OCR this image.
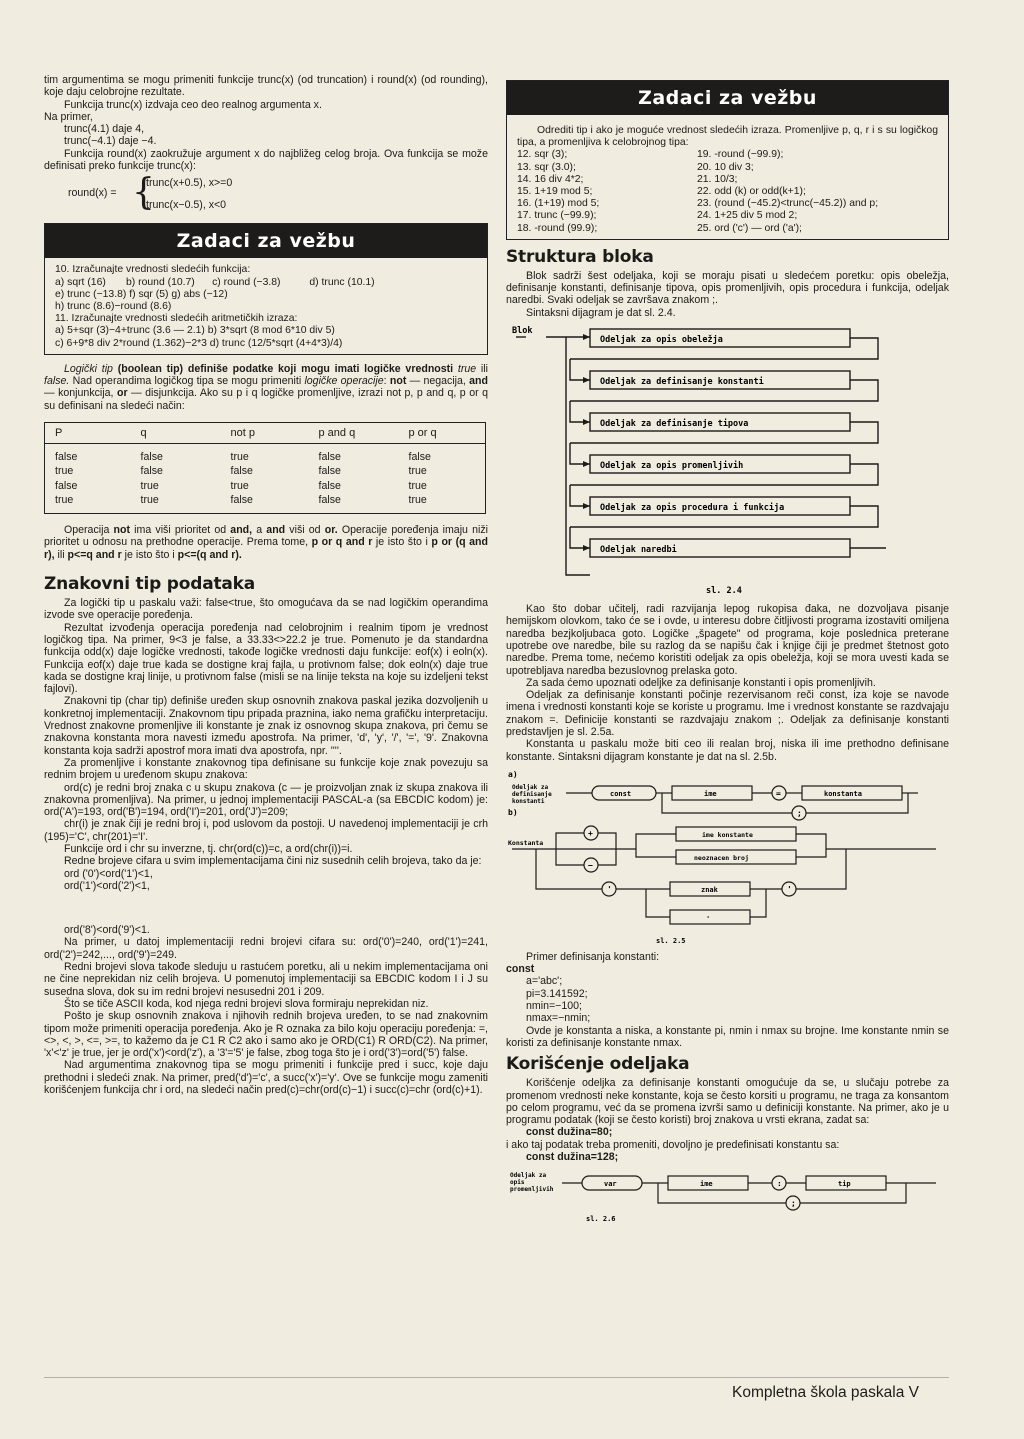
tim argumentima se mogu primeniti funkcije trunc(x) (od truncation) i round(x) (od rounding), koje daju celobrojne rezultate.

Funkcija trunc(x) izdvaja ceo deo realnog argumenta x.

Na primer,

trunc(4.1) daje 4,

trunc(−4.1) daje −4.

Funkcija round(x) zaokružuje argument x do najbližeg celog broja. Ova funkcija se može definisati preko funkcije trunc(x):

round(x) = {
trunc(x+0.5), x>=0
trunc(x−0.5), x<0
Zadaci za vežbu
10. Izračunajte vrednosti sledećih funkcija:
a) sqrt (16)       b) round (10.7)      c) round (−3.8)          d) trunc (10.1)
e) trunc (−13.8) f) sqr (5) g) abs (−12)
h) trunc (8.6)−round (8.6)
11. Izračunajte vrednosti sledećih aritmetičkih izraza:
a) 5+sqr (3)−4+trunc (3.6 — 2.1) b) 3*sqrt (8 mod 6*10 div 5)
c) 6+9*8 div 2*round (1.362)−2*3 d) trunc (12/5*sqrt (4+4*3)/4)

Logički tip (boolean tip) definiše podatke koji mogu imati logičke vrednosti true ili false. Nad operandima logičkog tipa se mogu primeniti logičke operacije: not — negacija, and — konjunkcija, or — disjunkcija. Ako su p i q logičke promenljive, izrazi not p, p and q, p or q su definisani na sledeći način:

P	q	not p	p and q	p or q
false	false	true	false	false
true	false	false	false	true
false	true	true	false	true
true	true	false	false	true

Operacija not ima viši prioritet od and, a and viši od or. Operacije poređenja imaju niži prioritet u odnosu na prethodne operacije. Prema tome, p or q and r je isto što i p or (q and r), ili p<=q and r je isto što i p<=(q and r).

Znakovni tip podataka

Za logički tip u paskalu važi: false<true, što omogućava da se nad logičkim operandima izvode sve operacije poređenja.

Rezultat izvođenja operacija poređenja nad celobrojnim i realnim tipom je vrednost logičkog tipa. Na primer, 9<3 je false, a 33.33<>22.2 je true. Pomenuto je da standardna funkcija odd(x) daje logičke vrednosti, takođe logičke vrednosti daju funkcije: eof(x) i eoln(x). Funkcija eof(x) daje true kada se dostigne kraj fajla, u protivnom false; dok eoln(x) daje true kada se dostigne kraj linije, u protivnom false (misli se na linije teksta na koje su izdeljeni tekst fajlovi).

Znakovni tip (char tip) definiše uređen skup osnovnih znakova paskal jezika dozvoljenih u konkretnoj implementaciji. Znakovnom tipu pripada praznina, iako nema grafičku interpretaciju. Vrednost znakovne promenljive ili konstante je znak iz osnovnog skupa znakova, pri čemu se znakovna konstanta mora navesti između apostrofa. Na primer, 'd', 'y', '/', '=', '9'. Znakovna konstanta koja sadrži apostrof mora imati dva apostrofa, npr. ''''.

Za promenljive i konstante znakovnog tipa definisane su funkcije koje znak povezuju sa rednim brojem u uređenom skupu znakova:

ord(c) je redni broj znaka c u skupu znakova (c — je proizvoljan znak iz skupa znakova ili znakovna promenljiva). Na primer, u jednoj implementaciji PASCAL-a (sa EBCDIC kodom) je: ord('A')=193, ord('B')=194, ord('I')=201, ord('J')=209;

chr(i) je znak čiji je redni broj i, pod uslovom da postoji. U navedenoj implementaciji je crh (195)='C', chr(201)='I'.

Funkcije ord i chr su inverzne, tj. chr(ord(c))=c, a ord(chr(i))=i.

Redne brojeve cifara u svim implementacijama čini niz susednih celih brojeva, tako da je:

ord ('0')<ord('1')<1,

ord('1')<ord('2')<1,

ord('8')<ord('9')<1.

Na primer, u datoj implementaciji redni brojevi cifara su: ord('0')=240, ord('1')=241, ord('2')=242,..., ord('9')=249.

Redni brojevi slova takođe sleduju u rastućem poretku, ali u nekim implementacijama oni ne čine neprekidan niz celih brojeva. U pomenutoj implementaciji sa EBCDIC kodom I i J su susedna slova, dok su im redni brojevi nesusedni 201 i 209.

Što se tiče ASCII koda, kod njega redni brojevi slova formiraju neprekidan niz.

Pošto je skup osnovnih znakova i njihovih rednih brojeva uređen, to se nad znakovnim tipom može primeniti operacija poređenja. Ako je R oznaka za bilo koju operaciju poređenja: =, <>, <, >, <=, >=, to kažemo da je C1 R C2 ako i samo ako je ORD(C1) R ORD(C2). Na primer, 'x'<'z' je true, jer je ord('x')<ord('z'), a '3'='5' je false, zbog toga što je i ord('3')=ord('5') false.

Nad argumentima znakovnog tipa se mogu primeniti i funkcije pred i succ, koje daju prethodni i sledeći znak. Na primer, pred('d')='c', a succ('x')='y'. Ove se funkcije mogu zameniti korišćenjem funkcija chr i ord, na sledeći način pred(c)=chr(ord(c)−1) i succ(c)=chr (ord(c)+1).

Zadaci za vežbu

Odrediti tip i ako je moguće vrednost sledećih izraza. Promenljive p, q, r i s su logičkog tipa, a promenljiva k celobrojnog tipa:

12. sqr (3);	19. -round (−99.9);
13. sqr (3.0);	20. 10 div 3;
14. 16 div 4*2;	21. 10/3;
15. 1+19 mod 5;	22. odd (k) or odd(k+1);
16. (1+19) mod 5;	23. (round (−45.2)<trunc(−45.2)) and p;
17. trunc (−99.9);	24. 1+25 div 5 mod 2;
18. -round (99.9);	25. ord ('c') — ord ('a');
Struktura bloka

Blok sadrži šest odeljaka, koji se moraju pisati u sledećem poretku: opis obeležja, definisanje konstanti, definisanje tipova, opis promenljivih, opis procedura i funkcija, odeljak naredbi. Svaki odeljak se završava znakom ;.

Sintaksni dijagram je dat sl. 2.4.

Blok
Odeljak za opis obeležja
Odeljak za definisanje konstanti
Odeljak za definisanje tipova
Odeljak za opis promenljivih
Odeljak za opis procedura i funkcija
Odeljak naredbi
sl. 2.4

Kao što dobar učitelj, radi razvijanja lepog rukopisa đaka, ne dozvoljava pisanje hemijskom olovkom, tako će se i ovde, u interesu dobre čitljivosti programa izostaviti omiljena naredba bezjkoljubaca goto. Logičke „špagete" od programa, koje poslednica preterane upotrebe ove naredbe, bile su razlog da se napišu čak i knjige čiji je predmet štetnost goto naredbe. Prema tome, nećemo koristiti odeljak za opis obeležja, koji se mora uvesti kada se upotrebljava naredba bezuslovnog prelaska goto.

Za sada ćemo upoznati odeljke za definisanje konstanti i opis promenljivih.

Odeljak za definisanje konstanti počinje rezervisanom reči const, iza koje se navode imena i vrednosti konstanti koje se koriste u programu. Ime i vrednost konstante se razdvajaju znakom =. Definicije konstanti se razdvajaju znakom ;. Odeljak za definisanje konstanti predstavljen je sl. 2.5a.

Konstanta u paskalu može biti ceo ili realan broj, niska ili ime prethodno definisane konstante. Sintaksni dijagram konstante je dat na sl. 2.5b.

a)
Odeljak za
definisanje
konstanti
const	ime	=	konstanta
;
b)
Konstanta
+
−
ime konstante
neoznacen broj
'	znak	'
'
sl. 2.5

Primer definisanja konstanti:

const

a='abc';

pi=3.141592;

nmin=−100;

nmax=−nmin;

Ovde je konstanta a niska, a konstante pi, nmin i nmax su brojne. Ime konstante nmin se koristi za definisanje konstante nmax.

Korišćenje odeljaka

Korišćenje odeljka za definisanje konstanti omogućuje da se, u slučaju potrebe za promenom vrednosti neke konstante, koja se često korsiti u programu, ne traga za konsantom po celom programu, već da se promena izvrši samo u definiciji konstante. Na primer, ako je u programu podatak (koji se često koristi) broj znakova u vrsti ekrana, zadat sa:

const dužina=80;

i ako taj podatak treba promeniti, dovoljno je predefinisati konstantu sa:

const dužina=128;

Odeljak za
opis
promenljivih
var	ime	:	tip
;
sl. 2.6
Kompletna škola paskala V
